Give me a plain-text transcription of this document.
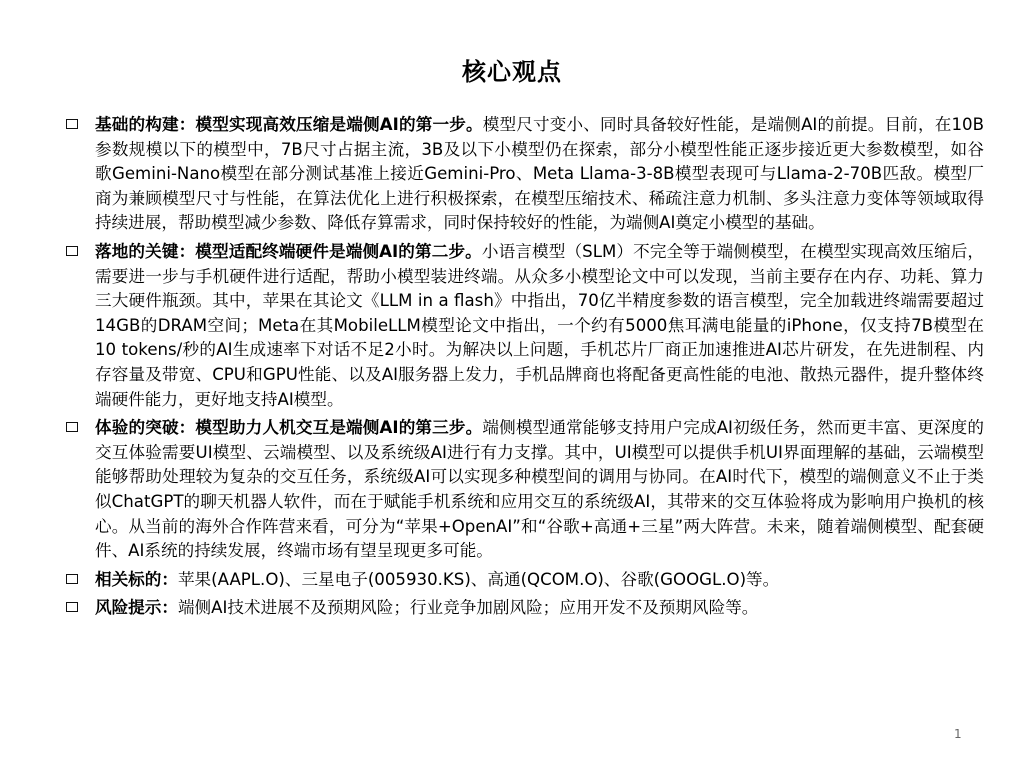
核心观点
基础的构建：模型实现高效压缩是端侧AI的第一步。模型尺寸变小、同时具备较好性能，是端侧AI的前提。目前，在10B参数规模以下的模型中，7B尺寸占据主流，3B及以下小模型仍在探索，部分小模型性能正逐步接近更大参数模型，如谷歌Gemini-Nano模型在部分测试基准上接近Gemini-Pro、Meta Llama-3-8B模型表现可与Llama-2-70B匹敌。模型厂商为兼顾模型尺寸与性能，在算法优化上进行积极探索，在模型压缩技术、稀疏注意力机制、多头注意力变体等领域取得持续进展，帮助模型减少参数、降低存算需求，同时保持较好的性能，为端侧AI奠定小模型的基础。
落地的关键：模型适配终端硬件是端侧AI的第二步。小语言模型（SLM）不完全等于端侧模型，在模型实现高效压缩后，需要进一步与手机硬件进行适配，帮助小模型装进终端。从众多小模型论文中可以发现，当前主要存在内存、功耗、算力三大硬件瓶颈。其中，苹果在其论文《LLM in a flash》中指出，70亿半精度参数的语言模型，完全加载进终端需要超过14GB的DRAM空间；Meta在其MobileLLM模型论文中指出，一个约有5000焦耳满电能量的iPhone，仅支持7B模型在10 tokens/秒的AI生成速率下对话不足2小时。为解决以上问题，手机芯片厂商正加速推进AI芯片研发，在先进制程、内存容量及带宽、CPU和GPU性能、以及AI服务器上发力，手机品牌商也将配备更高性能的电池、散热元器件，提升整体终端硬件能力，更好地支持AI模型。
体验的突破：模型助力人机交互是端侧AI的第三步。端侧模型通常能够支持用户完成AI初级任务，然而更丰富、更深度的交互体验需要UI模型、云端模型、以及系统级AI进行有力支撑。其中，UI模型可以提供手机UI界面理解的基础，云端模型能够帮助处理较为复杂的交互任务，系统级AI可以实现多种模型间的调用与协同。在AI时代下，模型的端侧意义不止于类似ChatGPT的聊天机器人软件，而在于赋能手机系统和应用交互的系统级AI，其带来的交互体验将成为影响用户换机的核心。从当前的海外合作阵营来看，可分为“苹果+OpenAI”和“谷歌+高通+三星”两大阵营。未来，随着端侧模型、配套硬件、AI系统的持续发展，终端市场有望呈现更多可能。
相关标的：苹果(AAPL.O)、三星电子(005930.KS)、高通(QCOM.O)、谷歌(GOOGL.O)等。
风险提示：端侧AI技术进展不及预期风险；行业竞争加剧风险；应用开发不及预期风险等。
1
